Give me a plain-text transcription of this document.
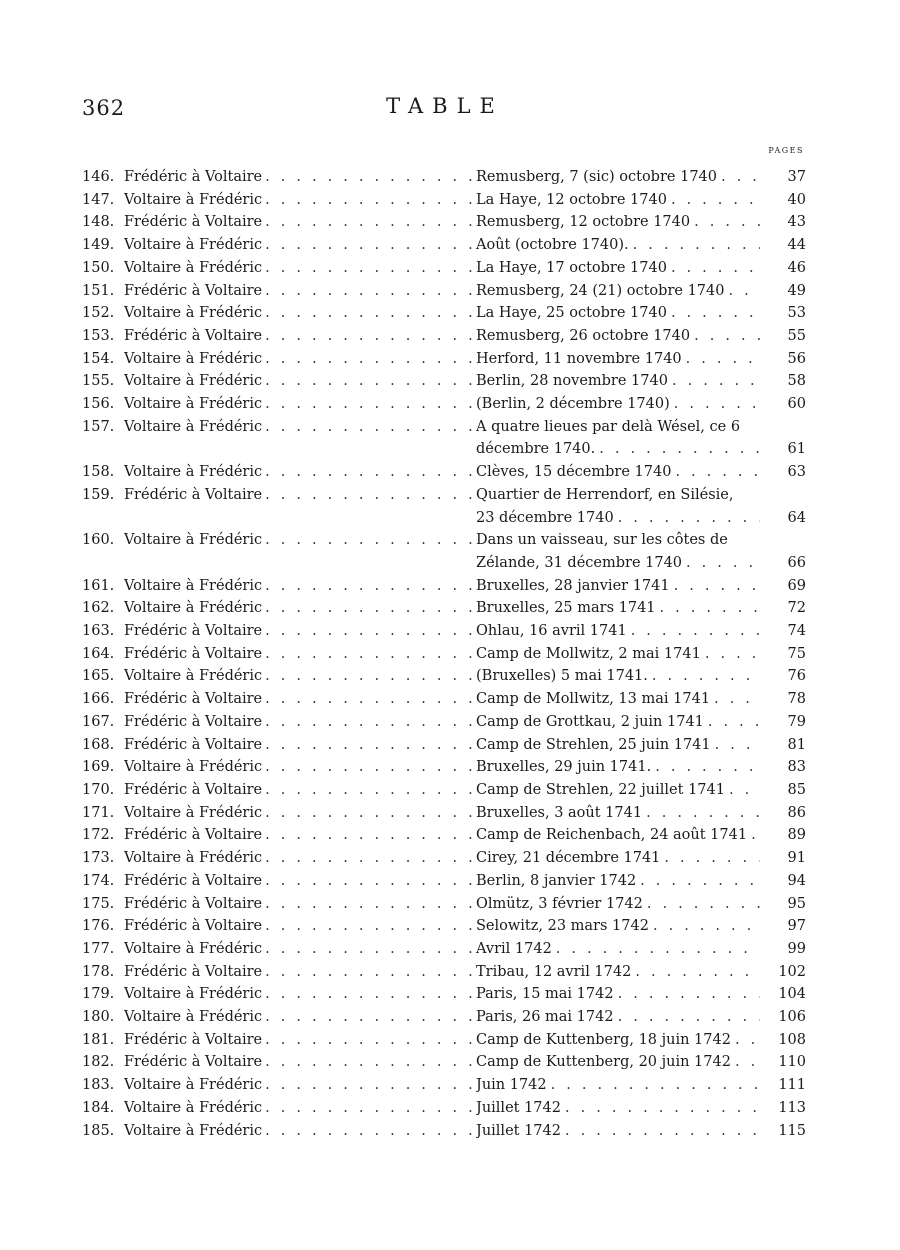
362	TABLE
PAGES
146. Frédéric à Voltaire . . .	Remusberg, 7 (sic) octobre 1740 . . .	37
147. Voltaire à Frédéric . . .	La Haye, 12 octobre 1740 . . .	40
148. Frédéric à Voltaire . . .	Remusberg, 12 octobre 1740 . . .	43
149. Voltaire à Frédéric . . .	Août (octobre 1740). . . .	44
150. Voltaire à Frédéric . . .	La Haye, 17 octobre 1740 . . .	46
151. Frédéric à Voltaire . . .	Remusberg, 24 (21) octobre 1740 . . .	49
152. Voltaire à Frédéric . . .	La Haye, 25 octobre 1740 . . .	53
153. Frédéric à Voltaire . . .	Remusberg, 26 octobre 1740 . . .	55
154. Voltaire à Frédéric . . .	Herford, 11 novembre 1740 . . .	56
155. Voltaire à Frédéric . . .	Berlin, 28 novembre 1740 . . .	58
156. Voltaire à Frédéric . . .	(Berlin, 2 décembre 1740) . . .	60
157. Voltaire à Frédéric . . .	A quatre lieues par delà Wésel, ce 6
décembre 1740. . . .	61
158. Voltaire à Frédéric . . .	Clèves, 15 décembre 1740 . . .	63
159. Frédéric à Voltaire . . .	Quartier de Herrendorf, en Silésie,
23 décembre 1740 . . .	64
160. Voltaire à Frédéric . . .	Dans un vaisseau, sur les côtes de
Zélande, 31 décembre 1740 . . .	66
161. Voltaire à Frédéric . . .	Bruxelles, 28 janvier 1741 . . .	69
162. Voltaire à Frédéric . . .	Bruxelles, 25 mars 1741 . . .	72
163. Frédéric à Voltaire . . .	Ohlau, 16 avril 1741 . . .	74
164. Frédéric à Voltaire . . .	Camp de Mollwitz, 2 mai 1741 . . .	75
165. Voltaire à Frédéric . . .	(Bruxelles) 5 mai 1741. . . .	76
166. Frédéric à Voltaire . . .	Camp de Mollwitz, 13 mai 1741 . . .	78
167. Frédéric à Voltaire . . .	Camp de Grottkau, 2 juin 1741 . . .	79
168. Frédéric à Voltaire . . .	Camp de Strehlen, 25 juin 1741 . . .	81
169. Voltaire à Frédéric . . .	Bruxelles, 29 juin 1741. . . .	83
170. Frédéric à Voltaire . . .	Camp de Strehlen, 22 juillet 1741 . . .	85
171. Voltaire à Frédéric . . .	Bruxelles, 3 août 1741 . . .	86
172. Frédéric à Voltaire . . .	Camp de Reichenbach, 24 août 1741 . . .	89
173. Voltaire à Frédéric . . .	Cirey, 21 décembre 1741 . . .	91
174. Frédéric à Voltaire . . .	Berlin, 8 janvier 1742 . . .	94
175. Frédéric à Voltaire . . .	Olmütz, 3 février 1742 . . .	95
176. Frédéric à Voltaire . . .	Selowitz, 23 mars 1742 . . .	97
177. Voltaire à Frédéric . . .	Avril 1742 . . .	99
178. Frédéric à Voltaire . . .	Tribau, 12 avril 1742 . . .	102
179. Voltaire à Frédéric . . .	Paris, 15 mai 1742 . . .	104
180. Voltaire à Frédéric . . .	Paris, 26 mai 1742 . . .	106
181. Frédéric à Voltaire . . .	Camp de Kuttenberg, 18 juin 1742 . . .	108
182. Frédéric à Voltaire . . .	Camp de Kuttenberg, 20 juin 1742 . . .	110
183. Voltaire à Frédéric . . .	Juin 1742 . . .	111
184. Voltaire à Frédéric . . .	Juillet 1742 . . .	113
185. Voltaire à Frédéric . . .	Juillet 1742 . . .	115
